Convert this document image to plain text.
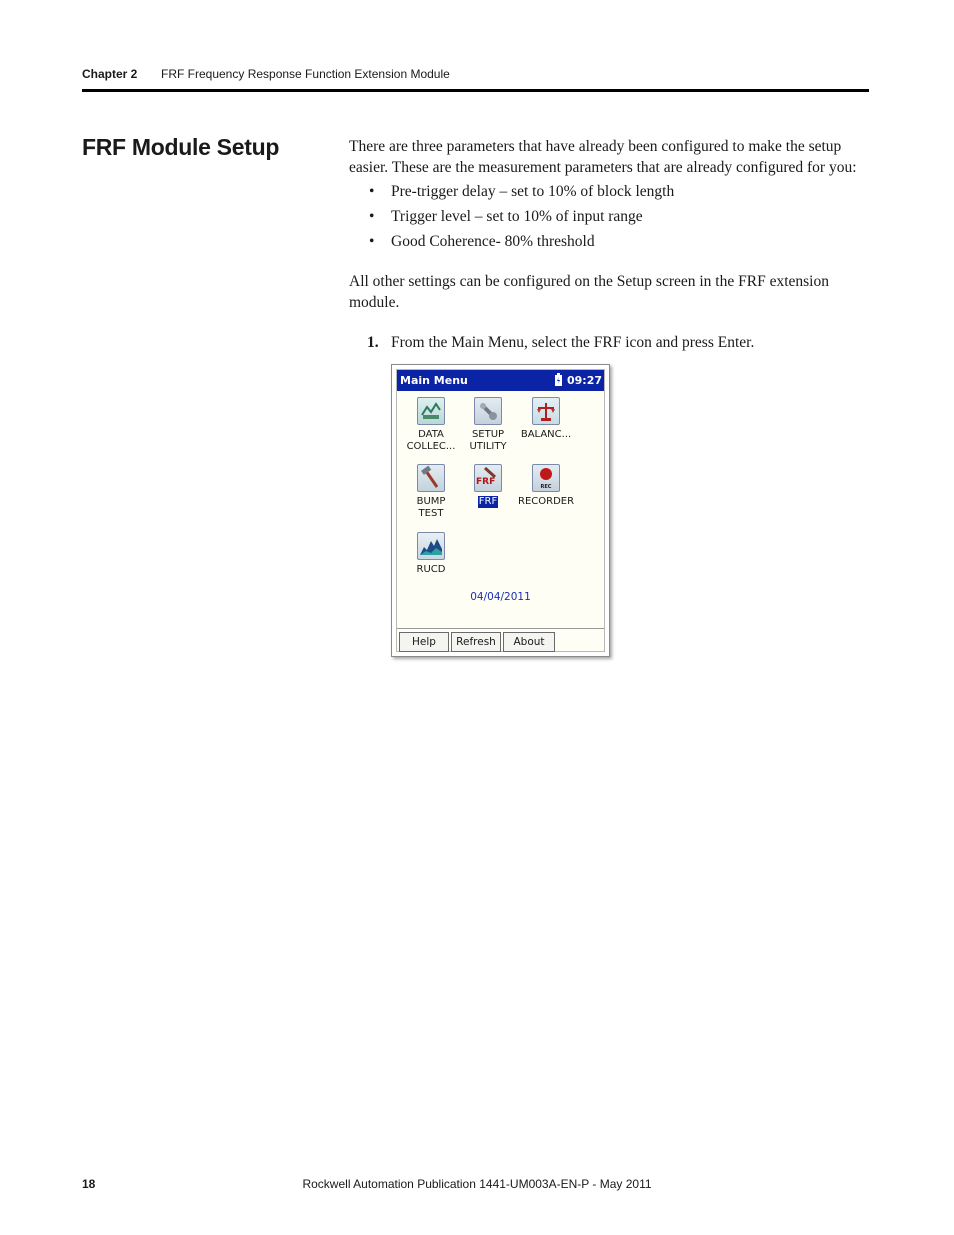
Chapter 2 FRF Frequency Response Function Extension Module
FRF Module Setup	There are three parameters that have already been configured to make the setup easier. These are the measurement parameters that are already configured for you:
• Pre-trigger delay – set to 10% of block length
• Trigger level – set to 10% of input range
• Good Coherence- 80% threshold
All other settings can be configured on the Setup screen in the FRF extension module.
1. From the Main Menu, select the FRF icon and press Enter.
Main Menu	09:27
DATA
COLLEC...
SETUP
UTILITY
BALANC...
BUMP
TEST
FRF
FRF
REC
RECORDER
RUCD
04/04/2011
Help	Refresh	About
18	Rockwell Automation Publication 1441-UM003A-EN-P - May 2011
